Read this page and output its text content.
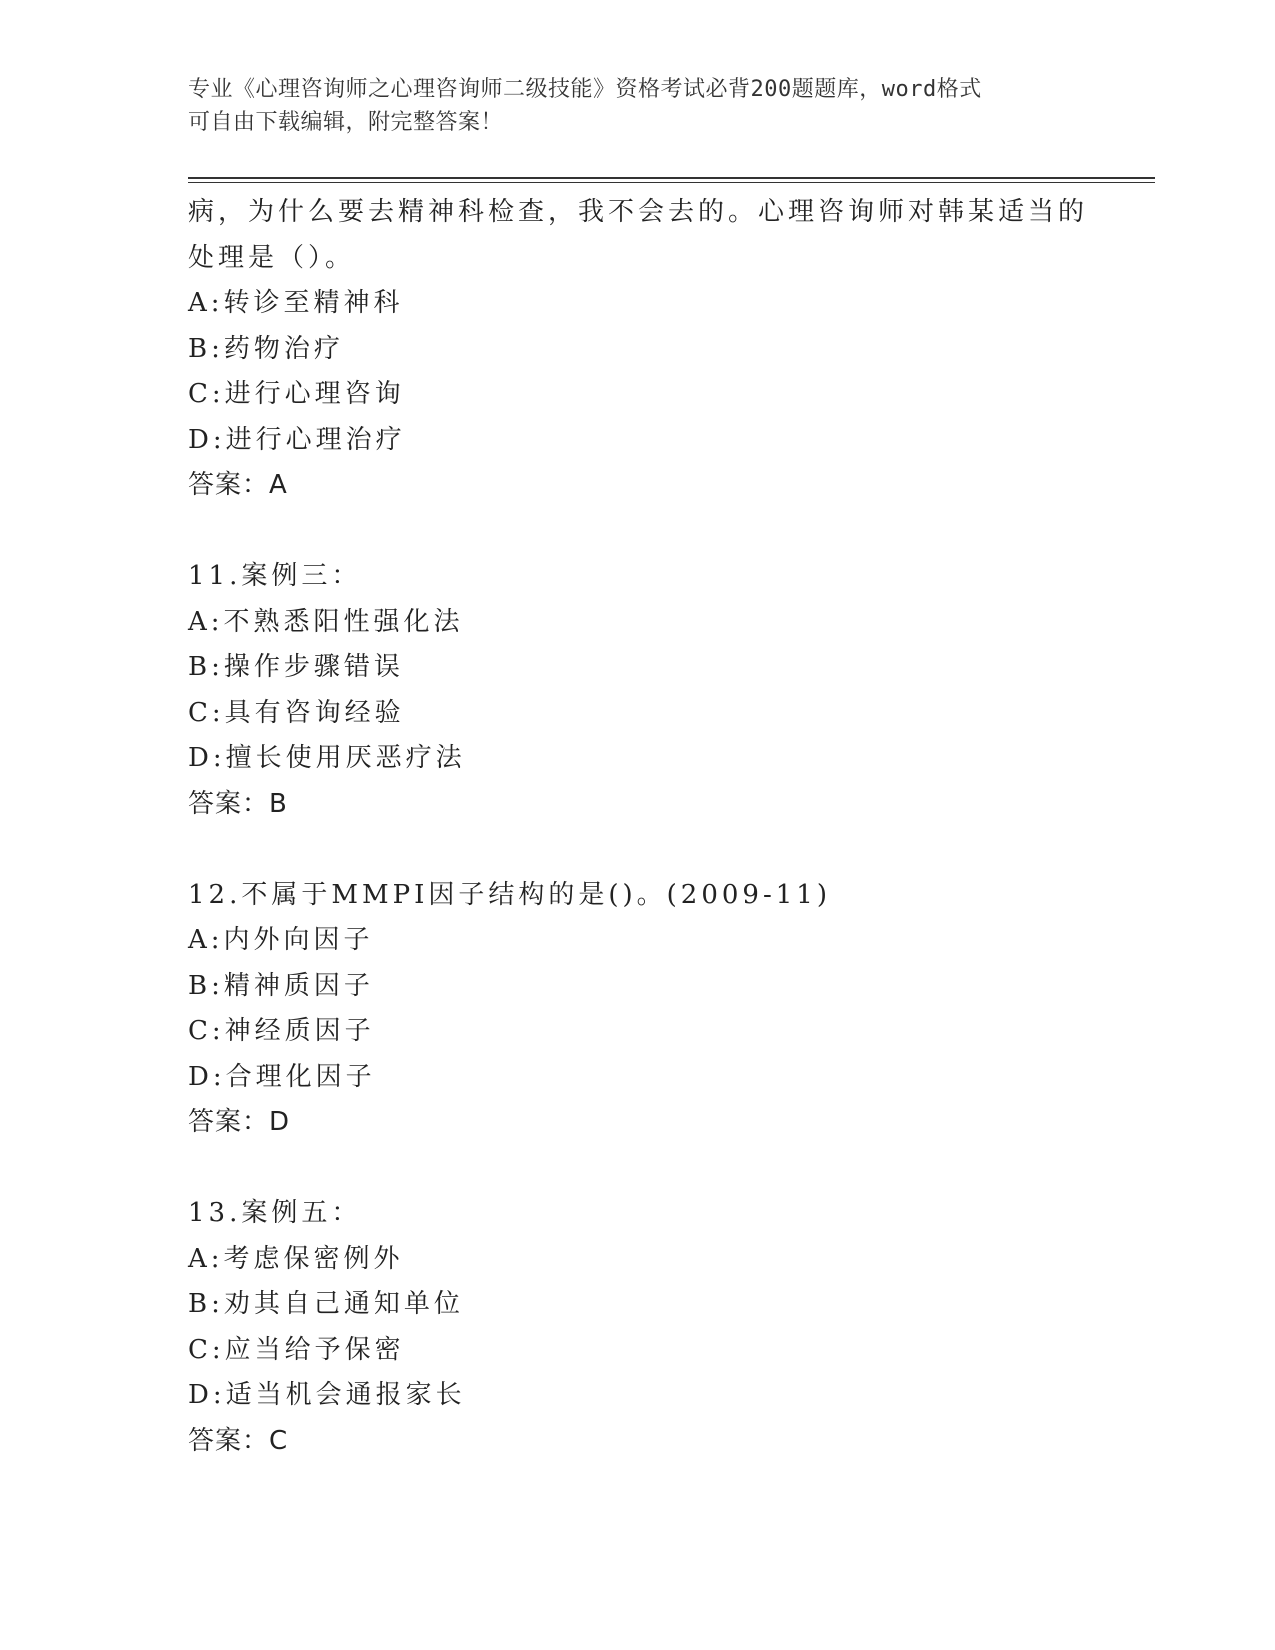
专业《心理咨询师之心理咨询师二级技能》资格考试必背200题题库，word格式
可自由下载编辑，附完整答案！
病，为什么要去精神科检查，我不会去的。心理咨询师对韩某适当的
处理是（）。
A:转诊至精神科
B:药物治疗
C:进行心理咨询
D:进行心理治疗
答案：A
11.案例三：
A:不熟悉阳性强化法
B:操作步骤错误
C:具有咨询经验
D:擅长使用厌恶疗法
答案：B
12.不属于MMPI因子结构的是()。(2009-11)
A:内外向因子
B:精神质因子
C:神经质因子
D:合理化因子
答案：D
13.案例五：
A:考虑保密例外
B:劝其自己通知单位
C:应当给予保密
D:适当机会通报家长
答案：C
